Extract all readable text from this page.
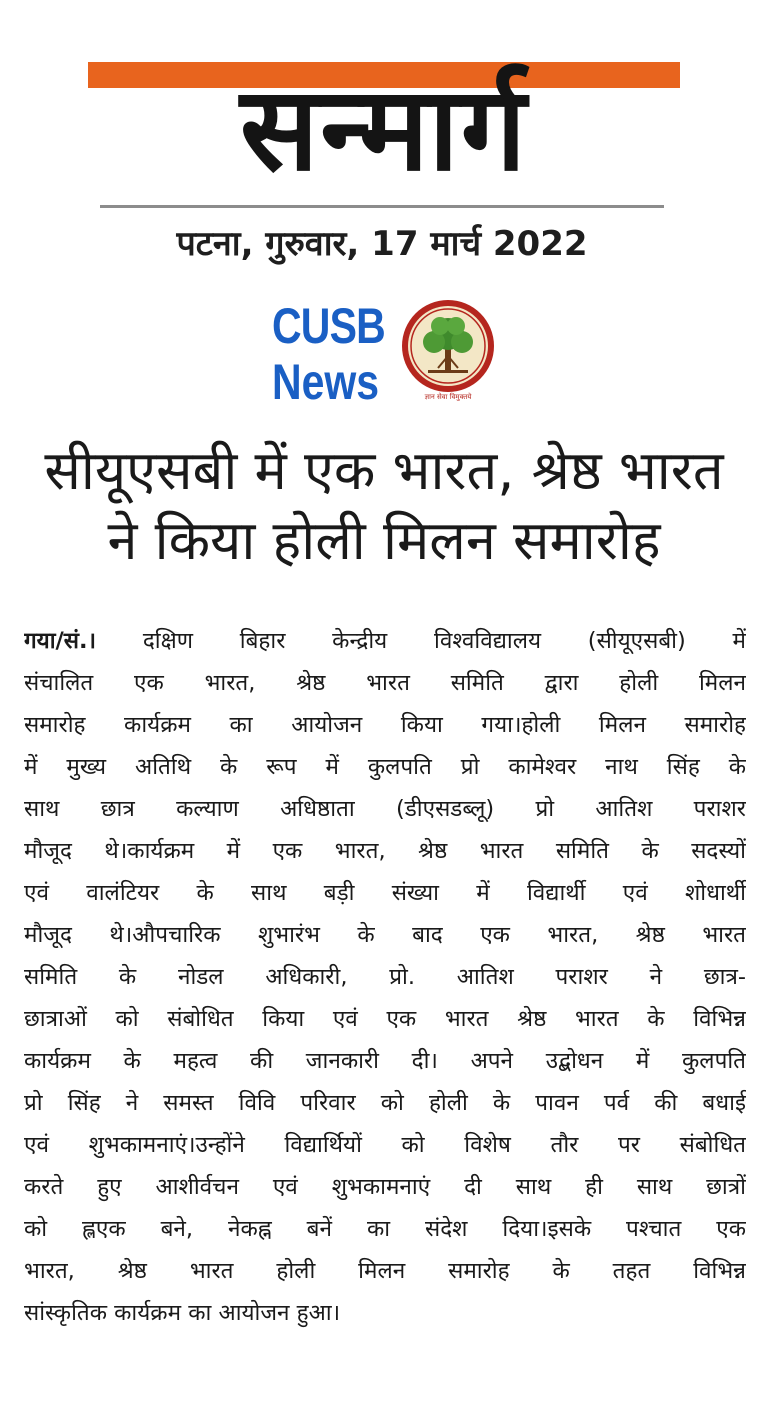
सन्मार्ग
पटना, गुरुवार, 17 मार्च 2022
CUSB
News	ज्ञान सेवा विमुक्तये
सीयूएसबी में एक भारत, श्रेष्ठ भारत
ने किया होली मिलन समारोह
गया/सं.। दक्षिण बिहार केन्द्रीय विश्वविद्यालय (सीयूएसबी) में
संचालित एक भारत, श्रेष्ठ भारत समिति द्वारा होली मिलन
समारोह कार्यक्रम का आयोजन किया गया।होली मिलन समारोह
में मुख्य अतिथि के रूप में कुलपति प्रो कामेश्वर नाथ सिंह के
साथ छात्र कल्याण अधिष्ठाता (डीएसडब्लू) प्रो आतिश पराशर
मौजूद थे।कार्यक्रम में एक भारत, श्रेष्ठ भारत समिति के सदस्यों
एवं वालंटियर के साथ बड़ी संख्या में विद्यार्थी एवं शोधार्थी
मौजूद थे।औपचारिक शुभारंभ के बाद एक भारत, श्रेष्ठ भारत
समिति के नोडल अधिकारी, प्रो. आतिश पराशर ने छात्र-
छात्राओं को संबोधित किया एवं एक भारत श्रेष्ठ भारत के विभिन्न
कार्यक्रम के महत्व की जानकारी दी। अपने उद्बोधन में कुलपति
प्रो सिंह ने समस्त विवि परिवार को होली के पावन पर्व की बधाई
एवं शुभकामनाएं।उन्होंने विद्यार्थियों को विशेष तौर पर संबोधित
करते हुए आशीर्वचन एवं शुभकामनाएं दी साथ ही साथ छात्रों
को ह्लएक बने, नेकह्न बनें का संदेश दिया।इसके पश्चात एक
भारत, श्रेष्ठ भारत होली मिलन समारोह के तहत विभिन्न
सांस्कृतिक कार्यक्रम का आयोजन हुआ।
